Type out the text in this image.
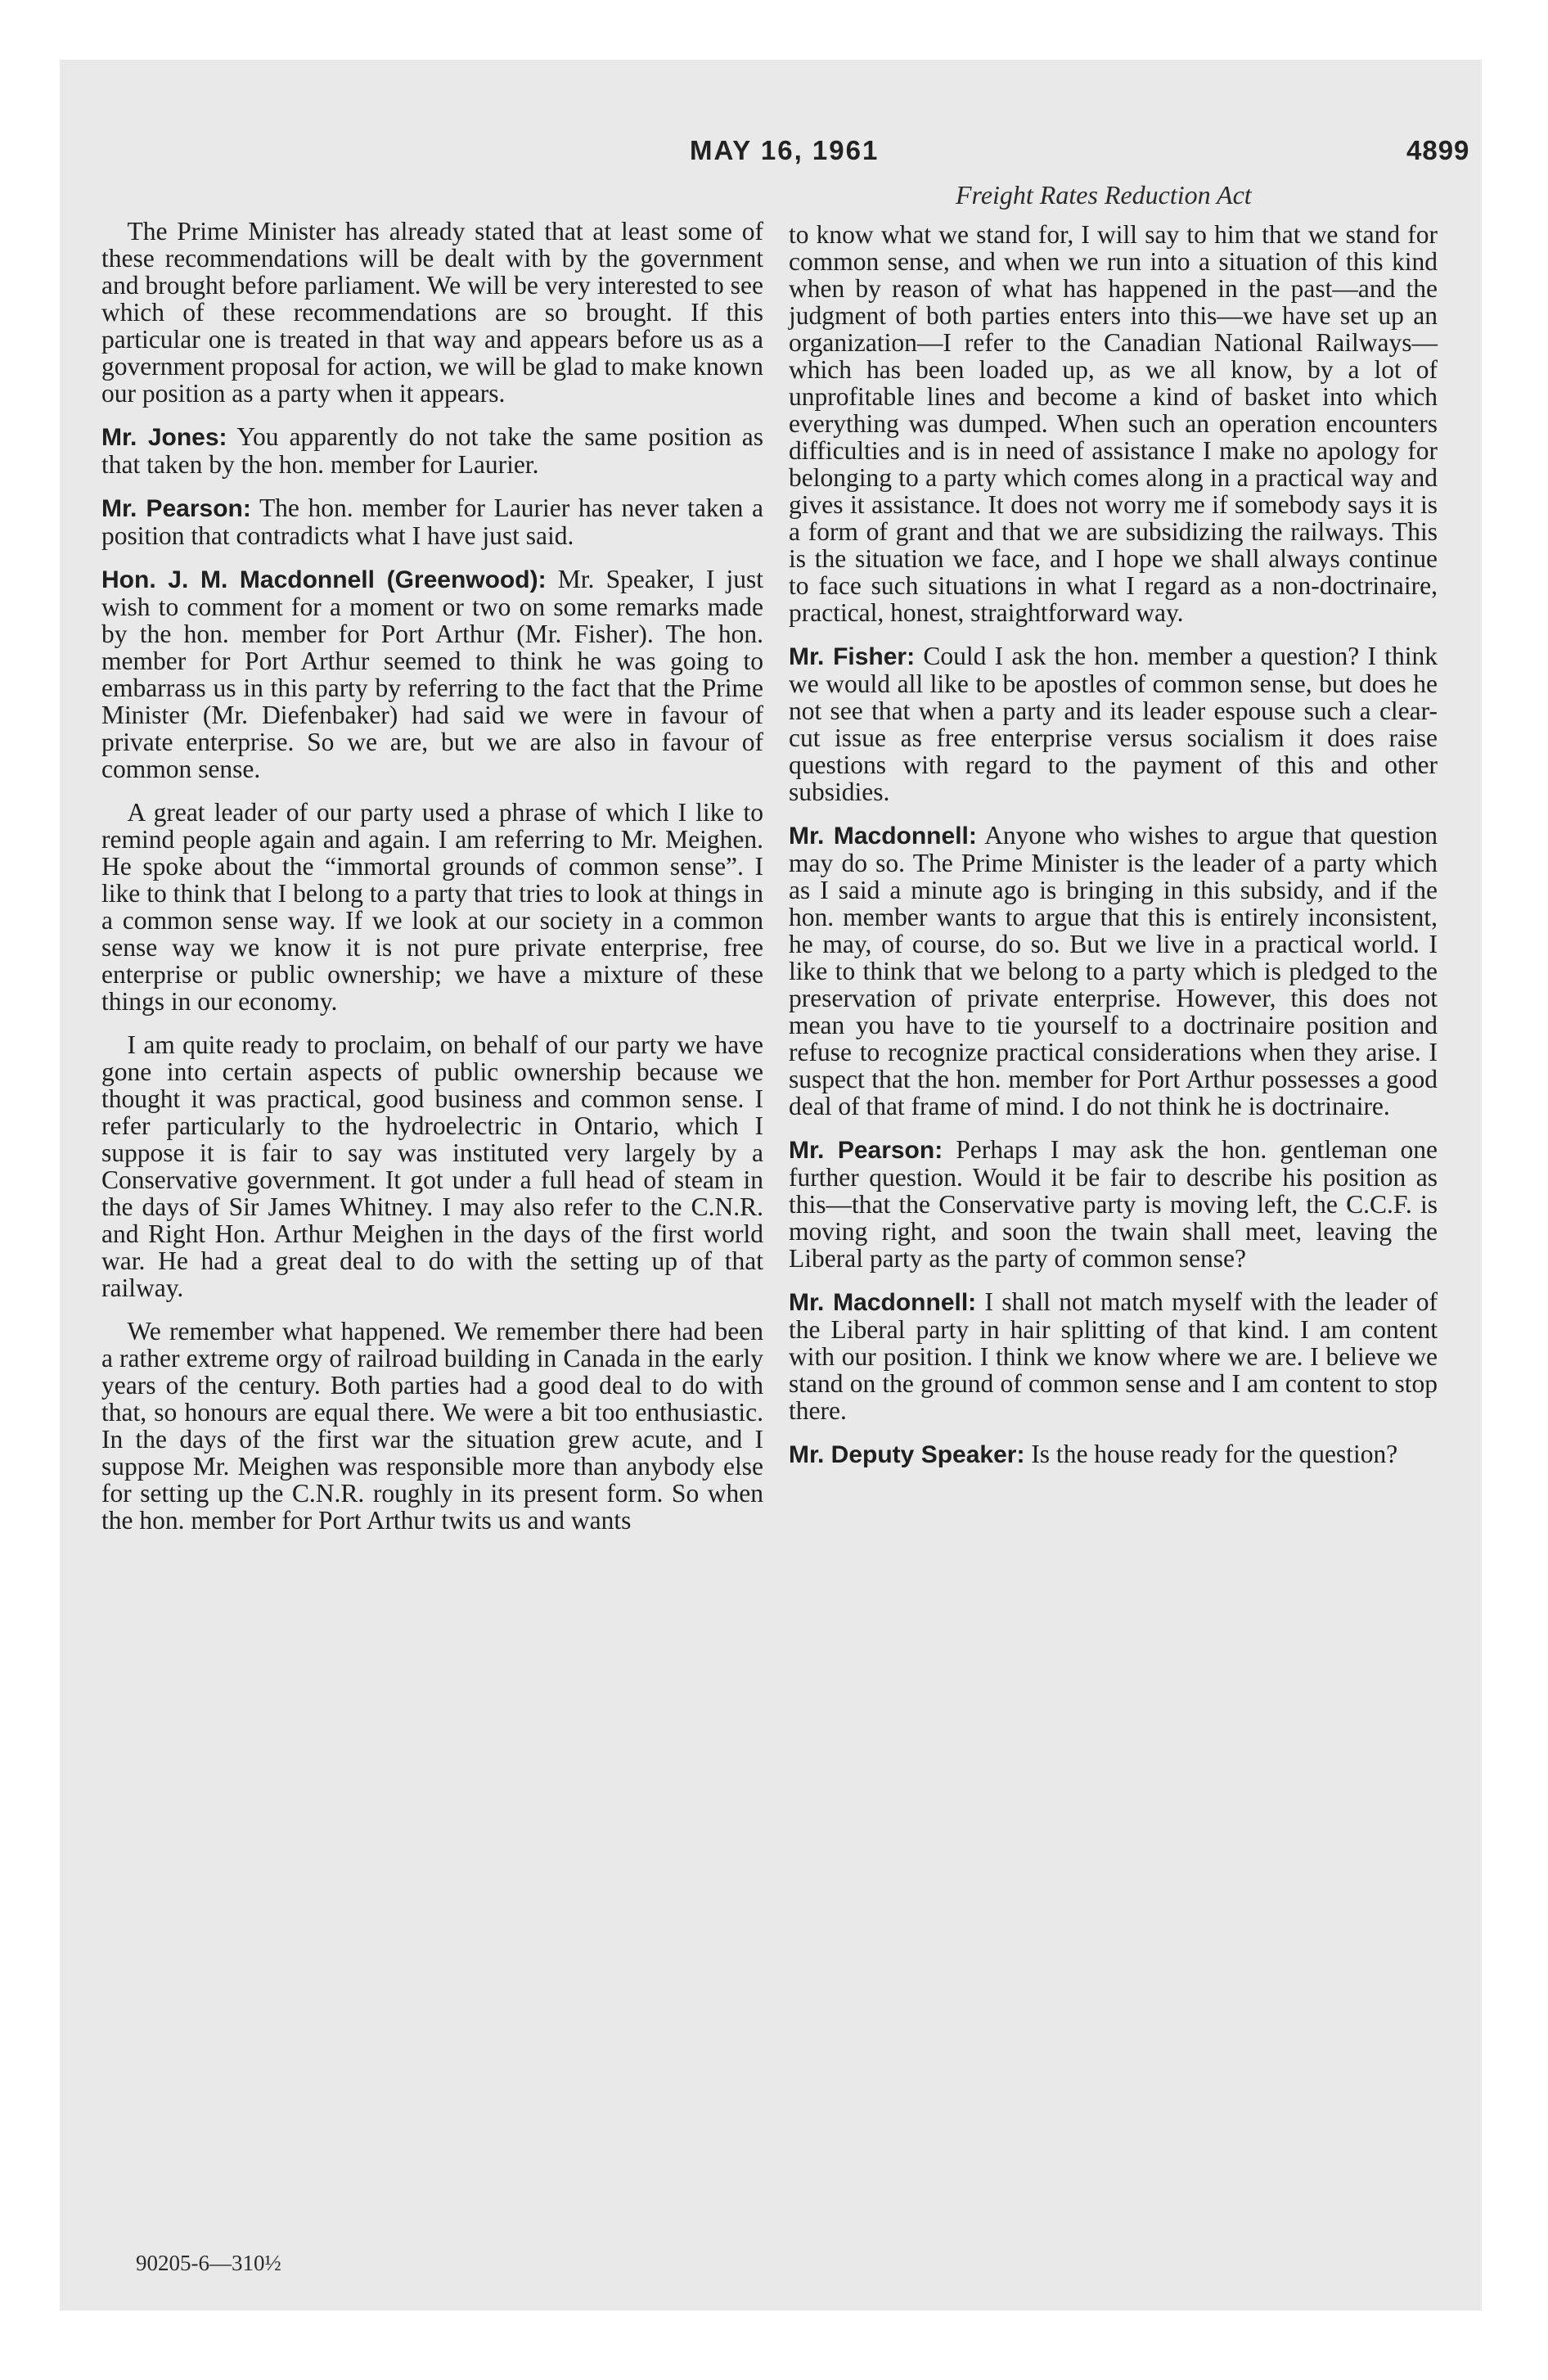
MAY 16, 1961	4899
Freight Rates Reduction Act

The Prime Minister has already stated that at least some of these recommendations will be dealt with by the government and brought before parliament. We will be very interested to see which of these recommendations are so brought. If this particular one is treated in that way and appears before us as a government proposal for action, we will be glad to make known our position as a party when it appears.

Mr. Jones: You apparently do not take the same position as that taken by the hon. member for Laurier.

Mr. Pearson: The hon. member for Laurier has never taken a position that contradicts what I have just said.

Hon. J. M. Macdonnell (Greenwood): Mr. Speaker, I just wish to comment for a moment or two on some remarks made by the hon. member for Port Arthur (Mr. Fisher). The hon. member for Port Arthur seemed to think he was going to embarrass us in this party by referring to the fact that the Prime Minister (Mr. Diefenbaker) had said we were in favour of private enterprise. So we are, but we are also in favour of common sense.

A great leader of our party used a phrase of which I like to remind people again and again. I am referring to Mr. Meighen. He spoke about the “immortal grounds of common sense”. I like to think that I belong to a party that tries to look at things in a common sense way. If we look at our society in a common sense way we know it is not pure private enterprise, free enterprise or public ownership; we have a mixture of these things in our economy.

I am quite ready to proclaim, on behalf of our party we have gone into certain aspects of public ownership because we thought it was practical, good business and common sense. I refer particularly to the hydroelectric in Ontario, which I suppose it is fair to say was instituted very largely by a Conservative government. It got under a full head of steam in the days of Sir James Whitney. I may also refer to the C.N.R. and Right Hon. Arthur Meighen in the days of the first world war. He had a great deal to do with the setting up of that railway.

We remember what happened. We remember there had been a rather extreme orgy of railroad building in Canada in the early years of the century. Both parties had a good deal to do with that, so honours are equal there. We were a bit too enthusiastic. In the days of the first war the situation grew acute, and I suppose Mr. Meighen was responsible more than anybody else for setting up the C.N.R. roughly in its present form. So when the hon. member for Port Arthur twits us and wants

to know what we stand for, I will say to him that we stand for common sense, and when we run into a situation of this kind when by reason of what has happened in the past—and the judgment of both parties enters into this—we have set up an organization—I refer to the Canadian National Railways—which has been loaded up, as we all know, by a lot of unprofitable lines and become a kind of basket into which everything was dumped. When such an operation encounters difficulties and is in need of assistance I make no apology for belonging to a party which comes along in a practical way and gives it assistance. It does not worry me if somebody says it is a form of grant and that we are subsidizing the railways. This is the situation we face, and I hope we shall always continue to face such situations in what I regard as a non-doctrinaire, practical, honest, straightforward way.

Mr. Fisher: Could I ask the hon. member a question? I think we would all like to be apostles of common sense, but does he not see that when a party and its leader espouse such a clear-cut issue as free enterprise versus socialism it does raise questions with regard to the payment of this and other subsidies.

Mr. Macdonnell: Anyone who wishes to argue that question may do so. The Prime Minister is the leader of a party which as I said a minute ago is bringing in this subsidy, and if the hon. member wants to argue that this is entirely inconsistent, he may, of course, do so. But we live in a practical world. I like to think that we belong to a party which is pledged to the preservation of private enterprise. However, this does not mean you have to tie yourself to a doctrinaire position and refuse to recognize practical considerations when they arise. I suspect that the hon. member for Port Arthur possesses a good deal of that frame of mind. I do not think he is doctrinaire.

Mr. Pearson: Perhaps I may ask the hon. gentleman one further question. Would it be fair to describe his position as this—that the Conservative party is moving left, the C.C.F. is moving right, and soon the twain shall meet, leaving the Liberal party as the party of common sense?

Mr. Macdonnell: I shall not match myself with the leader of the Liberal party in hair splitting of that kind. I am content with our position. I think we know where we are. I believe we stand on the ground of common sense and I am content to stop there.

Mr. Deputy Speaker: Is the house ready for the question?

90205-6—310½
